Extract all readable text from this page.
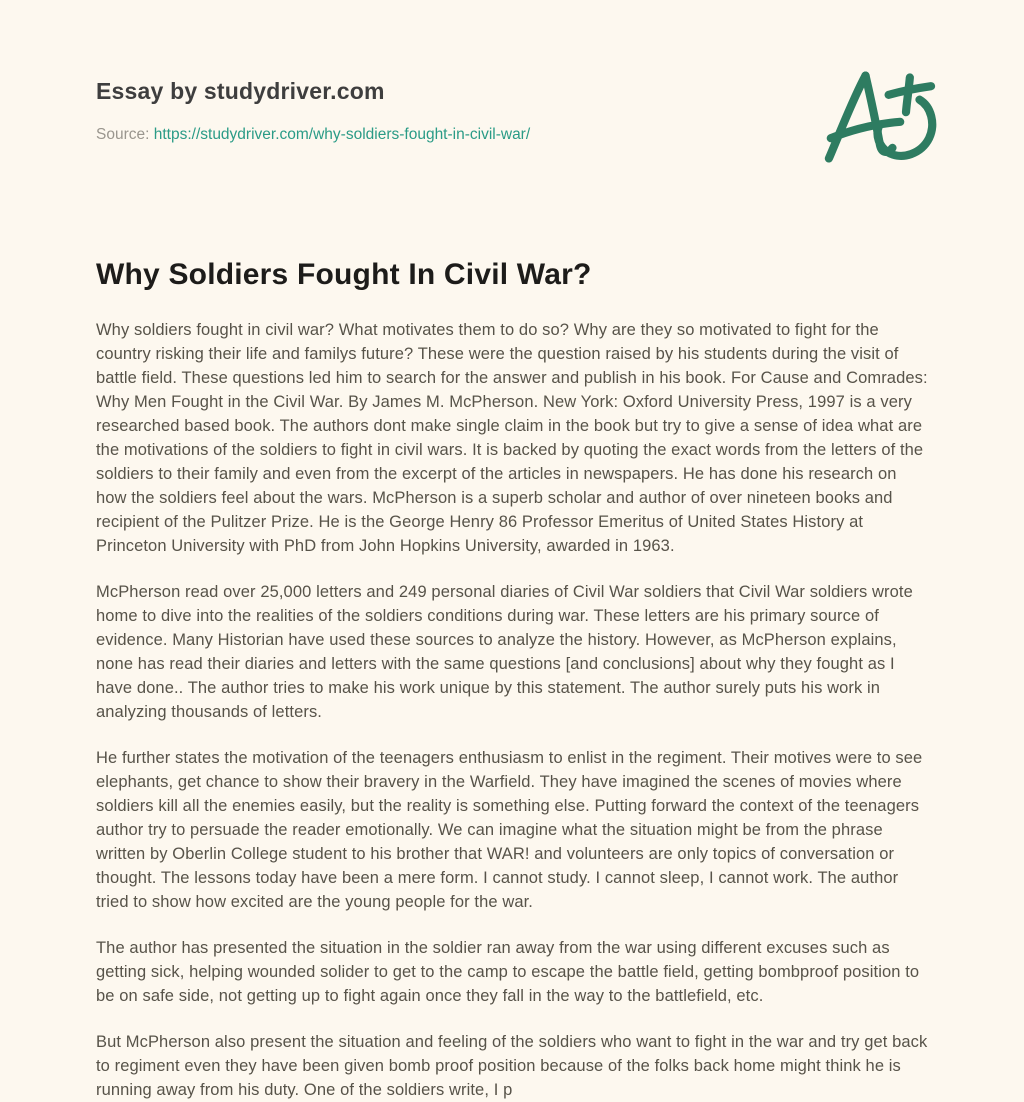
Essay by studydriver.com

Source: https://studydriver.com/why-soldiers-fought-in-civil-war/

Why Soldiers Fought In Civil War?

Why soldiers fought in civil war? What motivates them to do so? Why are they so motivated to fight for the country risking their life and familys future? These were the question raised by his students during the visit of battle field. These questions led him to search for the answer and publish in his book. For Cause and Comrades: Why Men Fought in the Civil War. By James M. McPherson. New York: Oxford University Press, 1997 is a very researched based book. The authors dont make single claim in the book but try to give a sense of idea what are the motivations of the soldiers to fight in civil wars. It is backed by quoting the exact words from the letters of the soldiers to their family and even from the excerpt of the articles in newspapers. He has done his research on how the soldiers feel about the wars. McPherson is a superb scholar and author of over nineteen books and recipient of the Pulitzer Prize. He is the George Henry 86 Professor Emeritus of United States History at Princeton University with PhD from John Hopkins University, awarded in 1963.

McPherson read over 25,000 letters and 249 personal diaries of Civil War soldiers that Civil War soldiers wrote home to dive into the realities of the soldiers conditions during war. These letters are his primary source of evidence. Many Historian have used these sources to analyze the history. However, as McPherson explains, none has read their diaries and letters with the same questions [and conclusions] about why they fought as I have done.. The author tries to make his work unique by this statement. The author surely puts his work in analyzing thousands of letters.

He further states the motivation of the teenagers enthusiasm to enlist in the regiment. Their motives were to see elephants, get chance to show their bravery in the Warfield. They have imagined the scenes of movies where soldiers kill all the enemies easily, but the reality is something else. Putting forward the context of the teenagers author try to persuade the reader emotionally. We can imagine what the situation might be from the phrase written by Oberlin College student to his brother that WAR! and volunteers are only topics of conversation or thought. The lessons today have been a mere form. I cannot study. I cannot sleep, I cannot work. The author tried to show how excited are the young people for the war.

The author has presented the situation in the soldier ran away from the war using different excuses such as getting sick, helping wounded solider to get to the camp to escape the battle field, getting bombproof position to be on safe side, not getting up to fight again once they fall in the way to the battlefield, etc.

But McPherson also present the situation and feeling of the soldiers who want to fight in the war and try get back to regiment even they have been given bomb proof position because of the folks back home might think he is running away from his duty. One of the soldiers write, I p
